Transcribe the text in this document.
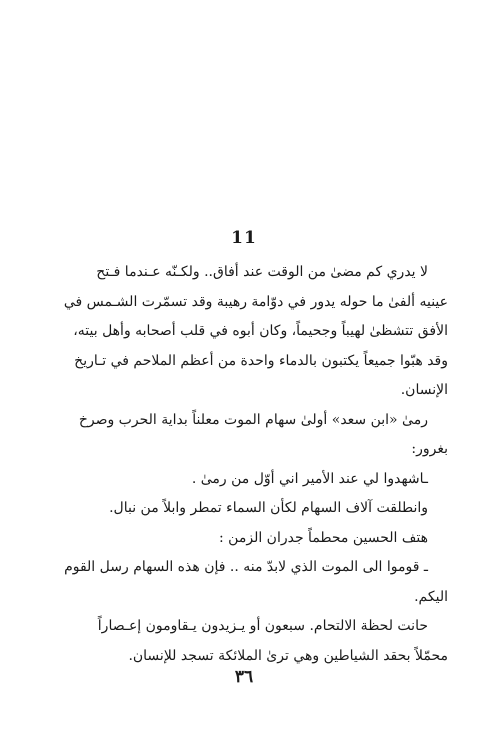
11
لا يدري كم مضىٰ من الوقت عند أفاق.. ولكـنّه عـندما فـتح
عينيه ألفىٰ ما حوله يدور في دوّامة رهيبة وقد تسمّرت الشـمس في
الأفق تتشظىٰ لهيباً وجحيماً، وكان أبوه في قلب أصحابه وأهل بيته،
وقد هبّوا جميعاً يكتبون بالدماء واحدة من أعظم الملاحم في تـاريخ
الإنسان.
رمىٰ «ابن سعد» أولىٰ سهام الموت معلناً بداية الحرب وصرخ
بغرور:
ـاشهدوا لي عند الأمير اني أوّل من رمىٰ .
وانطلقت آلاف السهام لكأن السماء تمطر وابلاً من نبال.
هتف الحسين محطماً جدران الزمن :
ـ قوموا الى الموت الذي لابدّ منه .. فإن هذه السهام رسل القوم
اليكم.
حانت لحظة الالتحام. سبعون أو يـزيدون يـقاومون إعـصاراً
محمّلاً بحقد الشياطين وهي ترىٰ الملائكة تسجد للإنسان.
٣٦
